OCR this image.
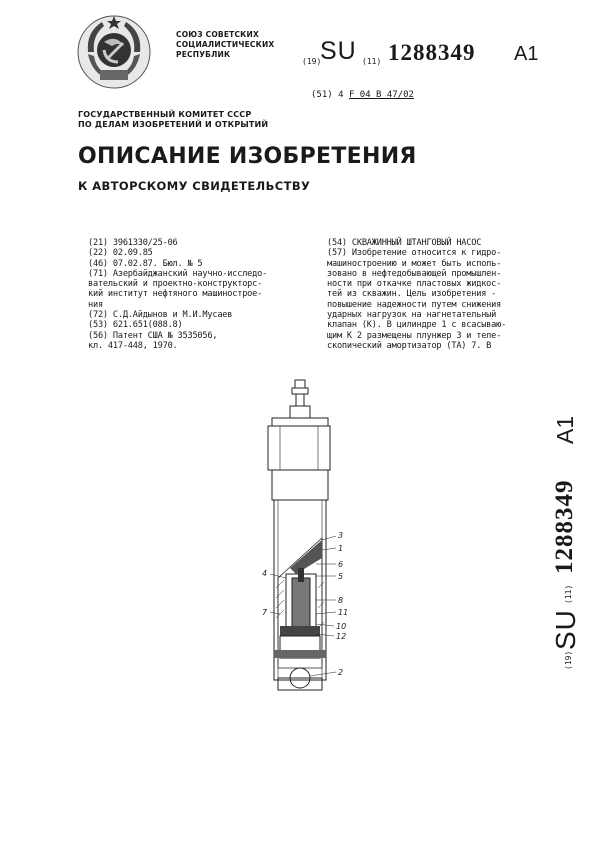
СОЮЗ СОВЕТСКИХ
СОЦИАЛИСТИЧЕСКИХ
РЕСПУБЛИК
(19)
SU (11) 1288349 A1
(51) 4 F 04 B 47/02
ГОСУДАРСТВЕННЫЙ КОМИТЕТ СССР
ПО ДЕЛАМ ИЗОБРЕТЕНИЙ И ОТКРЫТИЙ
ОПИСАНИЕ ИЗОБРЕТЕНИЯ
К АВТОРСКОМУ СВИДЕТЕЛЬСТВУ
(21) 3961330/25-06
(22) 02.09.85
(46) 07.02.87. Бюл. № 5
(71) Азербайджанский научно-исследо-
вательский и проектно-конструкторс-
кий институт нефтяного машинострое-
ния
(72) С.Д.Айдынов и М.И.Мусаев
(53) 621.651(088.8)
(56) Патент США № 3535056,
кл. 417-448, 1970.
(54) СКВАЖИННЫЙ ШТАНГОВЫЙ НАСОС
(57) Изобретение относится к гидро-
машиностроению и может быть исполь-
зовано в нефтедобывающей промышлен-
ности при откачке пластовых жидкос-
тей из скважин. Цель изобретения -
повышение надежности путем снижения
ударных нагрузок на нагнетательный
клапан (К). В цилиндре 1 с всасываю-
щим К 2 размещены плунжер 3 и теле-
скопический амортизатор (ТА) 7. В
3
1
6
5
4
8
7	11
10
12
2
(19)
SU
(11)
1288349
A1
